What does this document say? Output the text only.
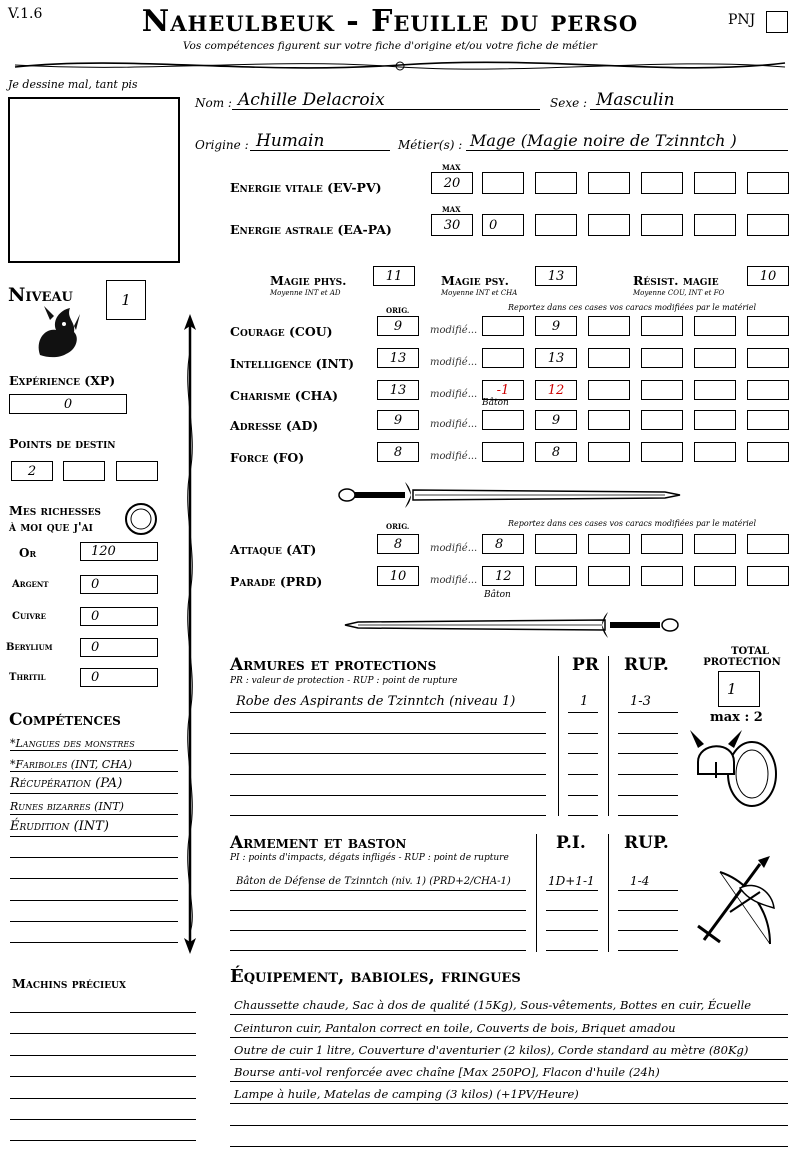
V.1.6	Naheulbeuk - Feuille du perso
Vos compétences figurent sur votre fiche d'origine et/ou votre fiche de métier
PNJ
Je dessine mal, tant pis
Nom : Achille Delacroix	Sexe : Masculin
Origine : Humain	Métier(s) : Mage (Magie noire de Tzinntch )
MAX
Energie vitale (EV-PV)	20
MAX
Energie astrale (EA-PA)	30 0
Magie phys.
Moyenne INT et AD
11	Magie psy.
Moyenne INT et CHA
13	Résist. magie
Moyenne COU, INT et FO
10
Niveau	1
Expérience (XP)
0
Points de destin
2
Mes richesses
à moi que j'ai
Or	120
Argent	0
Cuivre	0
Berylium	0
Thritil	0
ORIG.	Reportez dans ces cases vos caracs modifiées par le matériel
Courage (COU)	9	modifié...	9
Intelligence (INT)	13 modifié...	13
Charisme (CHA)	13 modifié... -1	12
Bâton
Adresse (AD)	9	modifié...	9
Force (FO)	8	modifié...	8
ORIG.	Reportez dans ces cases vos caracs modifiées par le matériel
Attaque (AT)	8	modifié... 8
Parade (PRD)	10 modifié... 12
Bâton
Compétences
*Langues des monstres
*Fariboles (INT, CHA)
Récupération (PA)
Runes bizarres (INT)
Érudition (INT)
Machins précieux
Armures et protections
PR : valeur de protection - RUP : point de rupture
PR RUP.
Robe des Aspirants de Tzinntch (niveau 1)	1	1-3
TOTAL
PROTECTION
1
max : 2
Armement et baston
PI : points d'impacts, dégats infligés - RUP : point de rupture
P.I. RUP.
Bâton de Défense de Tzinntch (niv. 1) (PRD+2/CHA-1)	1D+1-1	1-4
Équipement, babioles, fringues
Chaussette chaude, Sac à dos de qualité (15Kg), Sous-vêtements, Bottes en cuir, Écuelle
Ceinturon cuir, Pantalon correct en toile, Couverts de bois, Briquet amadou
Outre de cuir 1 litre, Couverture d'aventurier (2 kilos), Corde standard au mètre (80Kg)
Bourse anti-vol renforcée avec chaîne [Max 250PO], Flacon d'huile (24h)
Lampe à huile, Matelas de camping (3 kilos) (+1PV/Heure)
